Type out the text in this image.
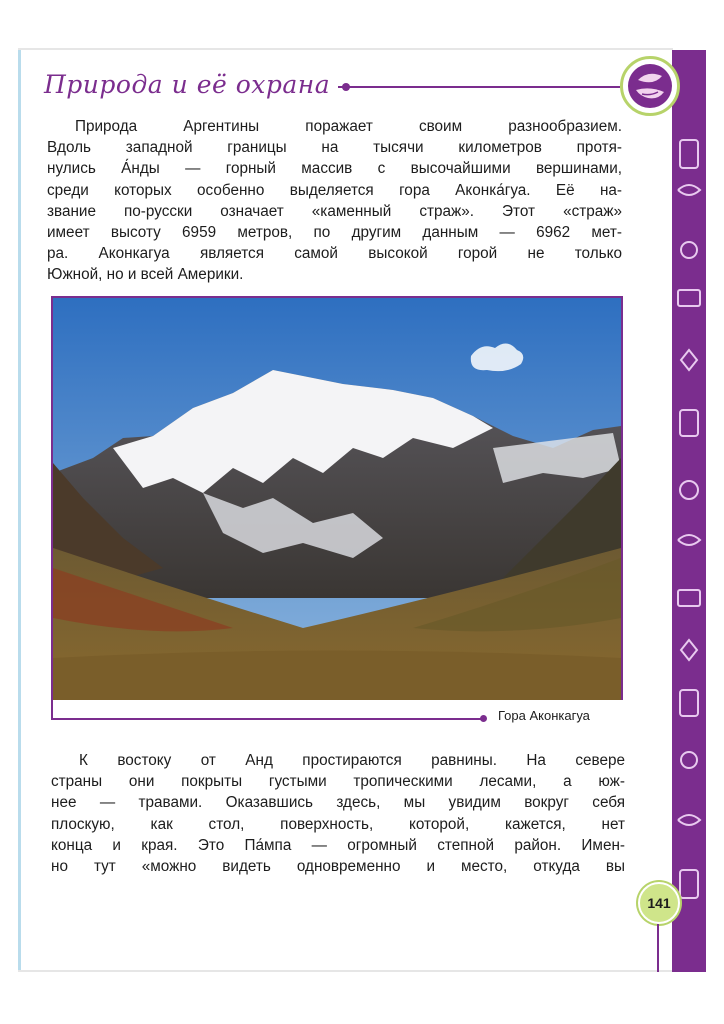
Природа и её охрана
Природа Аргентины поражает своим разнообразием.
Вдоль западной границы на тысячи километров протя-
нулись А́нды — горный массив с высочайшими вершинами,
среди которых особенно выделяется гора Аконка́гуа. Её на-
звание по-русски означает «каменный страж». Этот «страж»
имеет высоту 6959 метров, по другим данным — 6962 мет-
ра. Аконкагуа является самой высокой горой не только
Южной, но и всей Америки.
Гора Аконкагуа
К востоку от Анд простираются равнины. На севере
страны они покрыты густыми тропическими лесами, а юж-
нее — травами. Оказавшись здесь, мы увидим вокруг себя
плоскую, как стол, поверхность, которой, кажется, нет
конца и края. Это Па́мпа — огромный степной район. Имен-
но тут «можно видеть одновременно и место, откуда вы
141
